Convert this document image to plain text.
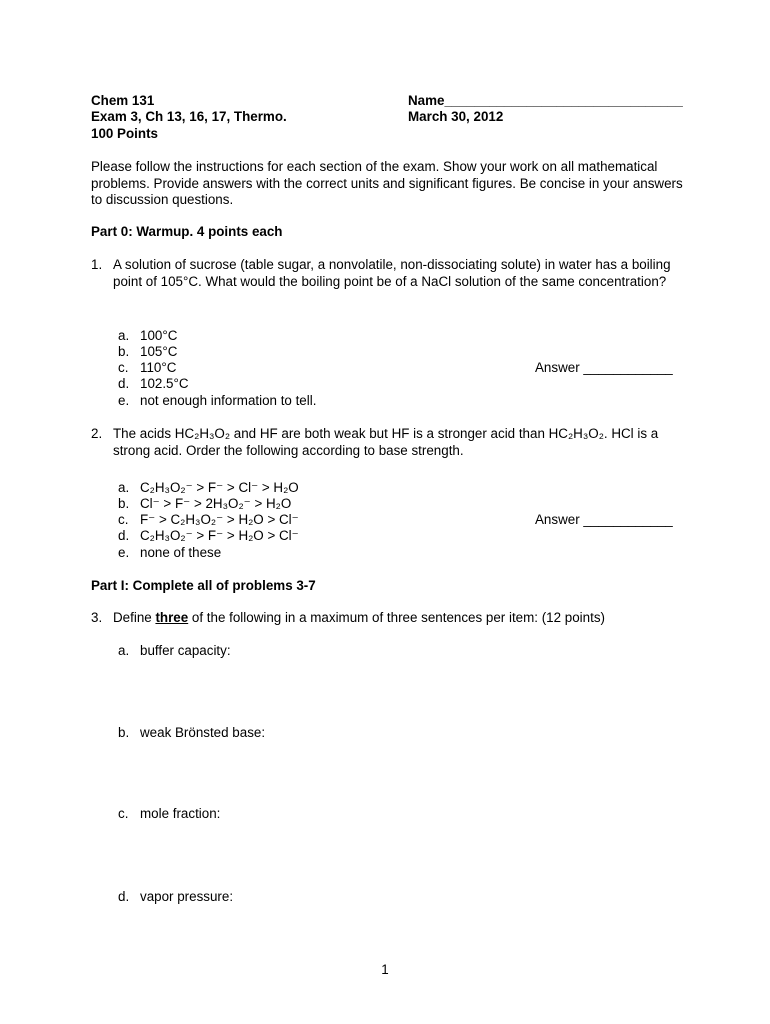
Chem 131
Exam 3, Ch 13, 16, 17, Thermo.
100 Points
Name________________________________
March 30, 2012
Please follow the instructions for each section of the exam. Show your work on all mathematical problems. Provide answers with the correct units and significant figures. Be concise in your answers to discussion questions.
Part 0: Warmup. 4 points each
1. A solution of sucrose (table sugar, a nonvolatile, non-dissociating solute) in water has a boiling point of 105°C. What would the boiling point be of a NaCl solution of the same concentration?
a. 100°C
b. 105°C
c. 110°C
d. 102.5°C
e. not enough information to tell.
Answer ____________
2. The acids HC₂H₃O₂ and HF are both weak but HF is a stronger acid than HC₂H₃O₂. HCl is a strong acid. Order the following according to base strength.
a. C₂H₃O₂⁻ > F⁻ > Cl⁻ > H₂O
b. Cl⁻ > F⁻ > 2H₃O₂⁻ > H₂O
c. F⁻ > C₂H₃O₂⁻ > H₂O > Cl⁻
d. C₂H₃O₂⁻ > F⁻ > H₂O > Cl⁻
e. none of these
Answer ____________
Part I: Complete all of problems 3-7
3. Define three of the following in a maximum of three sentences per item: (12 points)
a. buffer capacity:
b. weak Brönsted base:
c. mole fraction:
d. vapor pressure:
1
